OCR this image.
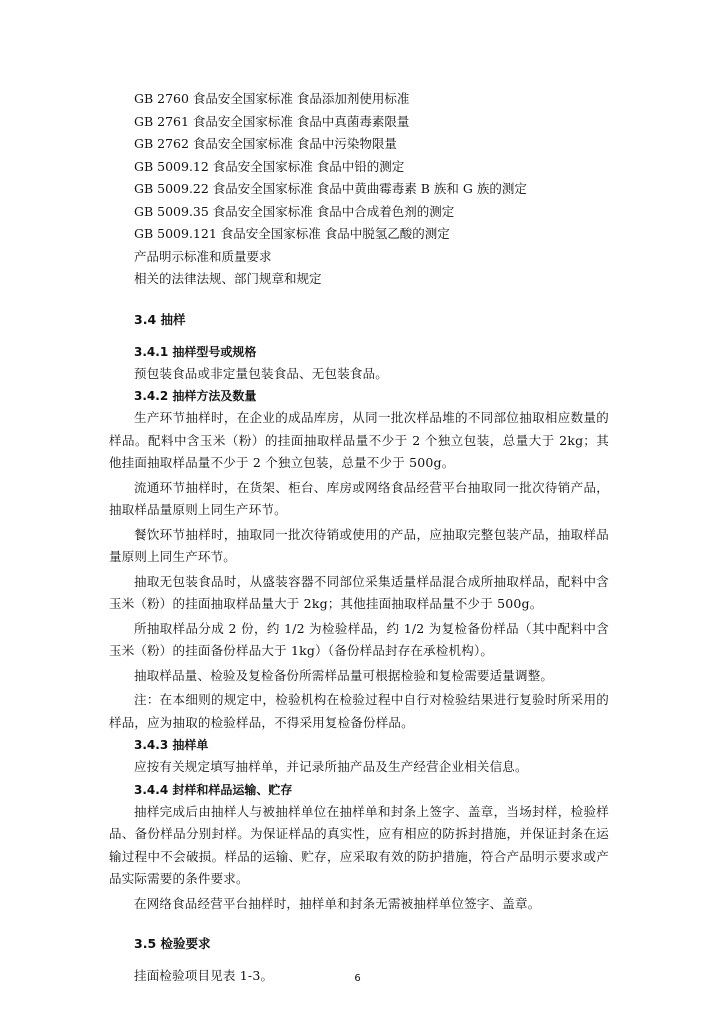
GB 2760 食品安全国家标准 食品添加剂使用标准
GB 2761 食品安全国家标准 食品中真菌毒素限量
GB 2762 食品安全国家标准 食品中污染物限量
GB 5009.12 食品安全国家标准 食品中铅的测定
GB 5009.22 食品安全国家标准 食品中黄曲霉毒素 B 族和 G 族的测定
GB 5009.35 食品安全国家标准 食品中合成着色剂的测定
GB 5009.121 食品安全国家标准 食品中脱氢乙酸的测定
产品明示标准和质量要求
相关的法律法规、部门规章和规定
3.4 抽样
3.4.1 抽样型号或规格

预包装食品或非定量包装食品、无包装食品。

3.4.2 抽样方法及数量

生产环节抽样时，在企业的成品库房，从同一批次样品堆的不同部位抽取相应数量的样品。配料中含玉米（粉）的挂面抽取样品量不少于 2 个独立包装，总量大于 2kg；其他挂面抽取样品量不少于 2 个独立包装，总量不少于 500g。

流通环节抽样时，在货架、柜台、库房或网络食品经营平台抽取同一批次待销产品，抽取样品量原则上同生产环节。

餐饮环节抽样时，抽取同一批次待销或使用的产品，应抽取完整包装产品，抽取样品量原则上同生产环节。

抽取无包装食品时，从盛装容器不同部位采集适量样品混合成所抽取样品，配料中含玉米（粉）的挂面抽取样品量大于 2kg；其他挂面抽取样品量不少于 500g。

所抽取样品分成 2 份，约 1/2 为检验样品，约 1/2 为复检备份样品（其中配料中含玉米（粉）的挂面备份样品大于 1kg）（备份样品封存在承检机构）。

抽取样品量、检验及复检备份所需样品量可根据检验和复检需要适量调整。

注：在本细则的规定中，检验机构在检验过程中自行对检验结果进行复验时所采用的样品，应为抽取的检验样品，不得采用复检备份样品。

3.4.3 抽样单

应按有关规定填写抽样单，并记录所抽产品及生产经营企业相关信息。

3.4.4 封样和样品运输、贮存

抽样完成后由抽样人与被抽样单位在抽样单和封条上签字、盖章，当场封样，检验样品、备份样品分别封样。为保证样品的真实性，应有相应的防拆封措施，并保证封条在运输过程中不会破损。样品的运输、贮存，应采取有效的防护措施，符合产品明示要求或产品实际需要的条件要求。

在网络食品经营平台抽样时，抽样单和封条无需被抽样单位签字、盖章。

3.5 检验要求

挂面检验项目见表 1-3。	6
